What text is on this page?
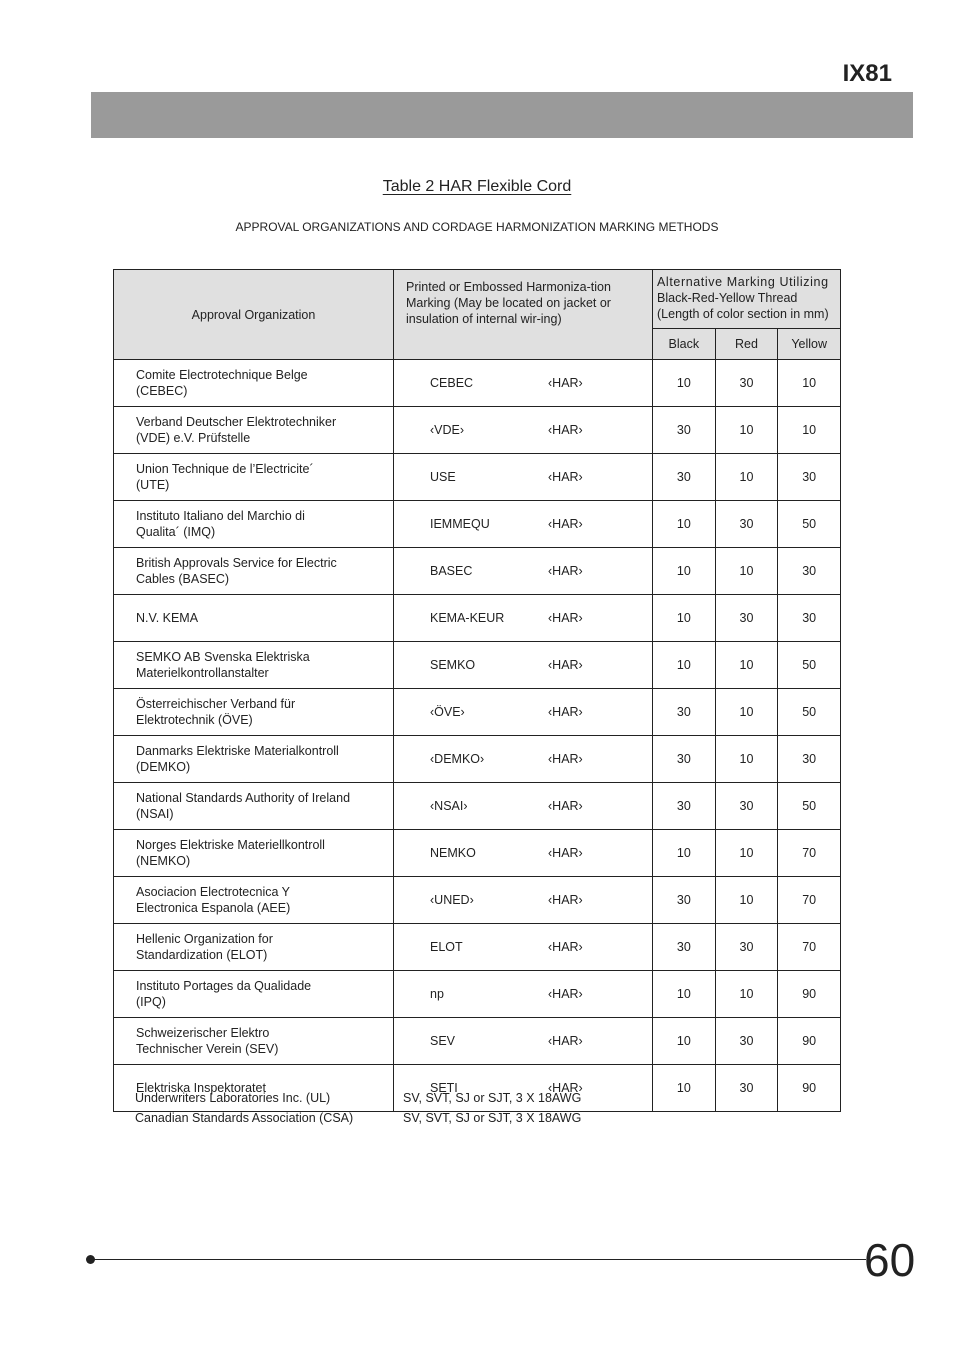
IX81
Table 2 HAR Flexible Cord
APPROVAL ORGANIZATIONS AND CORDAGE HARMONIZATION MARKING METHODS
Approval Organization	Printed or Embossed Harmoniza-tion Marking (May be located on jacket or insulation of internal wir-ing)	Alternative Marking Utilizing
Black-Red-Yellow Thread (Length of color section in mm)		

		Black	Red	Yellow

Comite Electrotechnique Belge
(CEBEC)	CEBEC ‹HAR›	10	30	10

Verband Deutscher Elektrotechniker
(VDE) e.V. Prüfstelle	‹VDE› ‹HAR›	30	10	10

Union Technique de l’Electricite´
(UTE)	USE ‹HAR›	30	10	30

Instituto Italiano del Marchio di
Qualita´ (IMQ)	IEMMEQU ‹HAR›	10	30	50

British Approvals Service for Electric
Cables (BASEC)	BASEC ‹HAR›	10	10	30

N.V. KEMA	KEMA-KEUR ‹HAR›	10	30	30

SEMKO AB Svenska Elektriska
Materielkontrollanstalter	SEMKO ‹HAR›	10	10	50

Österreichischer Verband für
Elektrotechnik (ÖVE)	‹ÖVE› ‹HAR›	30	10	50

Danmarks Elektriske Materialkontroll
(DEMKO)	‹DEMKO› ‹HAR›	30	10	30

National Standards Authority of Ireland
(NSAI)	‹NSAI› ‹HAR›	30	30	50

Norges Elektriske Materiellkontroll
(NEMKO)	NEMKO ‹HAR›	10	10	70

Asociacion Electrotecnica Y
Electronica Espanola (AEE)	‹UNED› ‹HAR›	30	10	70

Hellenic Organization for
Standardization (ELOT)	ELOT ‹HAR›	30	30	70

Instituto Portages da Qualidade
(IPQ)	np ‹HAR›	10	10	90

Schweizerischer Elektro
Technischer Verein (SEV)	SEV ‹HAR›	10	30	90

Elektriska Inspektoratet	SETI ‹HAR›	10	30	90
Underwriters Laboratories Inc. (UL)	SV, SVT, SJ or SJT, 3 X 18AWG
Canadian Standards Association (CSA)	SV, SVT, SJ or SJT, 3 X 18AWG
60
